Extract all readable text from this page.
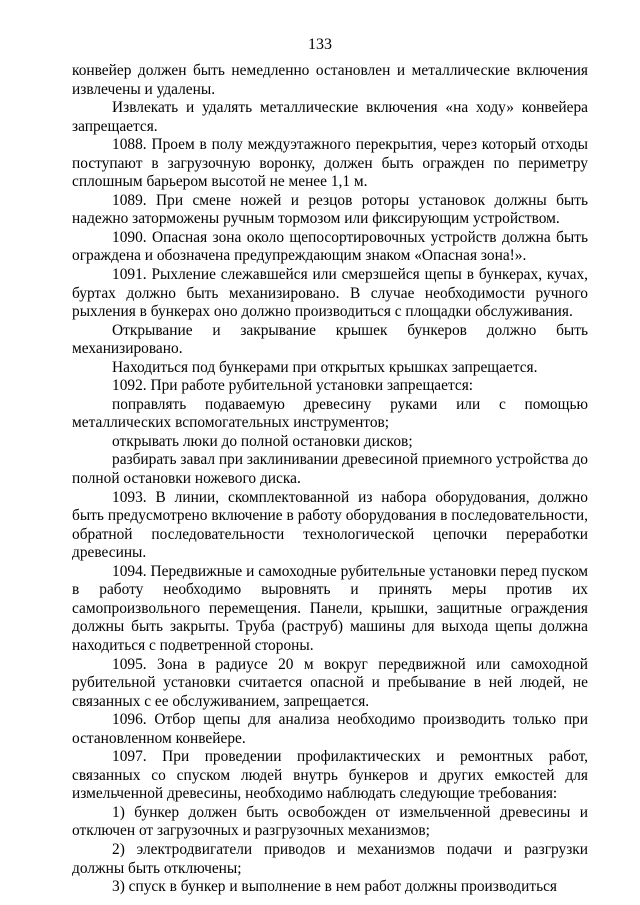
133

конвейер должен быть немедленно остановлен и металлические включения извлечены и удалены.

Извлекать и удалять металлические включения «на ходу» конвейера запрещается.

1088. Проем в полу междуэтажного перекрытия, через который отходы поступают в загрузочную воронку, должен быть огражден по периметру сплошным барьером высотой не менее 1,1 м.

1089. При смене ножей и резцов роторы установок должны быть надежно заторможены ручным тормозом или фиксирующим устройством.

1090. Опасная зона около щепосортировочных устройств должна быть ограждена и обозначена предупреждающим знаком «Опасная зона!».

1091. Рыхление слежавшейся или смерзшейся щепы в бункерах, кучах, буртах должно быть механизировано. В случае необходимости ручного рыхления в бункерах оно должно производиться с площадки обслуживания.

Открывание и закрывание крышек бункеров должно быть механизировано.

Находиться под бункерами при открытых крышках запрещается.

1092. При работе рубительной установки запрещается:

поправлять подаваемую древесину руками или с помощью металлических вспомогательных инструментов;

открывать люки до полной остановки дисков;

разбирать завал при заклинивании древесиной приемного устройства до полной остановки ножевого диска.

1093. В линии, скомплектованной из набора оборудования, должно быть предусмотрено включение в работу оборудования в последовательности, обратной последовательности технологической цепочки переработки древесины.

1094. Передвижные и самоходные рубительные установки перед пуском в работу необходимо выровнять и принять меры против их самопроизвольного перемещения. Панели, крышки, защитные ограждения должны быть закрыты. Труба (раструб) машины для выхода щепы должна находиться с подветренной стороны.

1095. Зона в радиусе 20 м вокруг передвижной или самоходной рубительной установки считается опасной и пребывание в ней людей, не связанных с ее обслуживанием, запрещается.

1096. Отбор щепы для анализа необходимо производить только при остановленном конвейере.

1097. При проведении профилактических и ремонтных работ, связанных со спуском людей внутрь бункеров и других емкостей для измельченной древесины, необходимо наблюдать следующие требования:

1) бункер должен быть освобожден от измельченной древесины и отключен от загрузочных и разгрузочных механизмов;

2) электродвигатели приводов и механизмов подачи и разгрузки должны быть отключены;

3) спуск в бункер и выполнение в нем работ должны производиться
